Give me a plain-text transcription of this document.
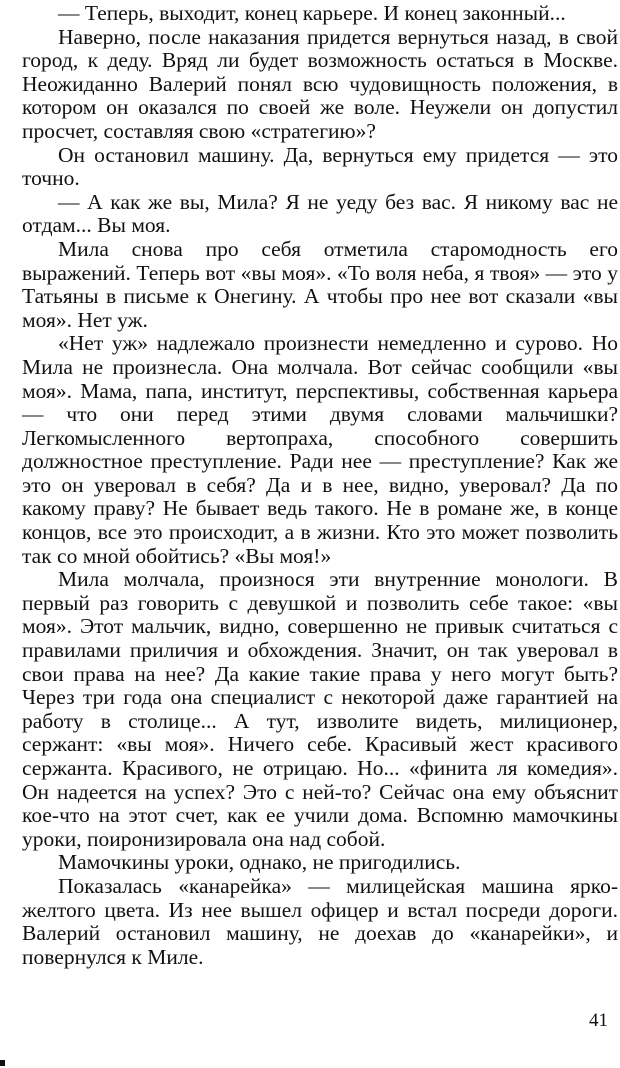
— Теперь, выходит, конец карьере. И конец законный...

Наверно, после наказания придется вернуться назад, в свой город, к деду. Вряд ли будет возможность остаться в Москве. Неожиданно Валерий понял всю чудовищность положения, в котором он оказался по своей же воле. Неужели он допустил просчет, составляя свою «стратегию»?

Он остановил машину. Да, вернуться ему придется — это точно.

— А как же вы, Мила? Я не уеду без вас. Я никому вас не отдам... Вы моя.

Мила снова про себя отметила старомодность его выражений. Теперь вот «вы моя». «То воля неба, я твоя» — это у Татьяны в письме к Онегину. А чтобы про нее вот сказали «вы моя». Нет уж.

«Нет уж» надлежало произнести немедленно и сурово. Но Мила не произнесла. Она молчала. Вот сейчас сообщили «вы моя». Мама, папа, институт, перспективы, собственная карьера — что они перед этими двумя словами мальчишки? Легкомысленного вертопраха, способного совершить должностное преступление. Ради нее — преступление? Как же это он уверовал в себя? Да и в нее, видно, уверовал? Да по какому праву? Не бывает ведь такого. Не в романе же, в конце концов, все это происходит, а в жизни. Кто это может позволить так со мной обойтись? «Вы моя!»

Мила молчала, произнося эти внутренние монологи. В первый раз говорить с девушкой и позволить себе такое: «вы моя». Этот мальчик, видно, совершенно не привык считаться с правилами приличия и обхождения. Значит, он так уверовал в свои права на нее? Да какие такие права у него могут быть? Через три года она специалист с некоторой даже гарантией на работу в столице... А тут, изволите видеть, милиционер, сержант: «вы моя». Ничего себе. Красивый жест красивого сержанта. Красивого, не отрицаю. Но... «финита ля комедия». Он надеется на успех? Это с ней-то? Сейчас она ему объяснит кое-что на этот счет, как ее учили дома. Вспомню мамочкины уроки, поиронизировала она над собой.

Мамочкины уроки, однако, не пригодились.

Показалась «канарейка» — милицейская машина ярко-желтого цвета. Из нее вышел офицер и встал посреди дороги. Валерий остановил машину, не доехав до «канарейки», и повернулся к Миле.

41
